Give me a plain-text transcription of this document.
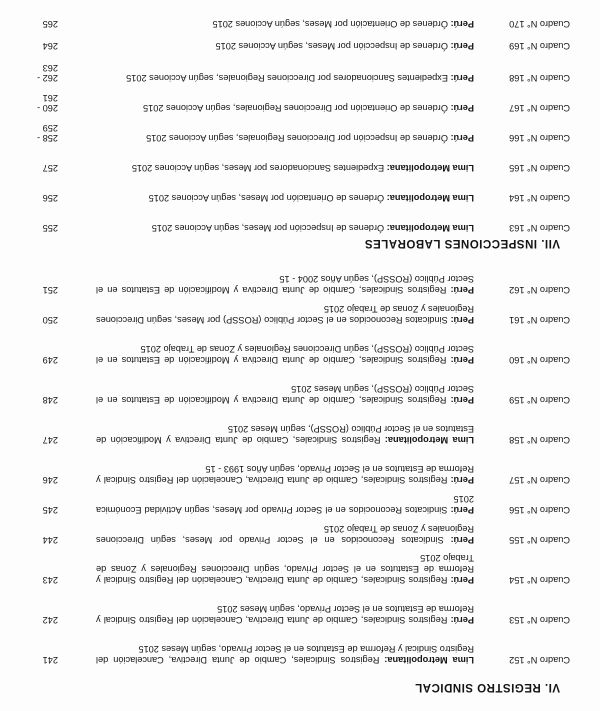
VI. REGISTRO SINDICAL
Cuadro N° 152
Lima Metropolitana: Registros Sindicales, Cambio de Junta Directiva, Cancelación del Registro Sindical y Reforma de Estatutos en el Sector Privado, según Meses 2015
241
Cuadro N° 153
Perú: Registros Sindicales, Cambio de Junta Directiva, Cancelación del Registro Sindical y Reforma de Estatutos en el Sector Privado, según Meses 2015
242
Cuadro N° 154
Perú: Registros Sindicales, Cambio de Junta Directiva, Cancelación del Registro Sindical y Reforma de Estatutos en el Sector Privado, según Direcciones Regionales y Zonas de Trabajo 2015
243
Cuadro N° 155
Perú: Sindicatos Reconocidos en el Sector Privado por Meses, según Direcciones Regionales y Zonas de Trabajo 2015
244
Cuadro N° 156
Perú: Sindicatos Reconocidos en el Sector Privado por Meses, según Actividad Económica 2015
245
Cuadro N° 157
Perú: Registros Sindicales, Cambio de Junta Directiva, Cancelación del Registro Sindical y Reforma de Estatutos en el Sector Privado, según Años 1993 - 15
246
Cuadro N° 158
Lima Metropolitana: Registros Sindicales, Cambio de Junta Directiva y Modificación de Estatutos en el Sector Público (ROSSP), según Meses 2015
247
Cuadro N° 159
Perú: Registros Sindicales, Cambio de Junta Directiva y Modificación de Estatutos en el Sector Público (ROSSP), según Meses 2015
248
Cuadro N° 160
Perú: Registros Sindicales, Cambio de Junta Directiva y Modificación de Estatutos en el Sector Público (ROSSP), según Direcciones Regionales y Zonas de Trabajo 2015
249
Cuadro N° 161
Perú: Sindicatos Reconocidos en el Sector Público (ROSSP) por Meses, según Direcciones Regionales y Zonas de Trabajo 2015
250
Cuadro N° 162
Perú: Registros Sindicales, Cambio de Junta Directiva y Modificación de Estatutos en el Sector Público (ROSSP), según Años 2004 - 15
251
VII. INSPECCIONES LABORALES
Cuadro N° 163
Lima Metropolitana: Órdenes de Inspección por Meses, según Acciones 2015
255
Cuadro N° 164
Lima Metropolitana: Órdenes de Orientación por Meses, según Acciones 2015
256
Cuadro N° 165
Lima Metropolitana: Expedientes Sancionadores por Meses, según Acciones 2015
257
Cuadro N° 166
Perú: Órdenes de Inspección por Direcciones Regionales, según Acciones 2015
258 - 259
Cuadro N° 167
Perú: Órdenes de Orientación por Direcciones Regionales, según Acciones 2015
260 - 261
Cuadro N° 168
Perú: Expedientes Sancionadores por Direcciones Regionales, según Acciones 2015
262 - 263
Cuadro N° 169
Perú: Órdenes de Inspección por Meses, según Acciones 2015
264
Cuadro N° 170
Perú: Órdenes de Orientación por Meses, según Acciones 2015
265
